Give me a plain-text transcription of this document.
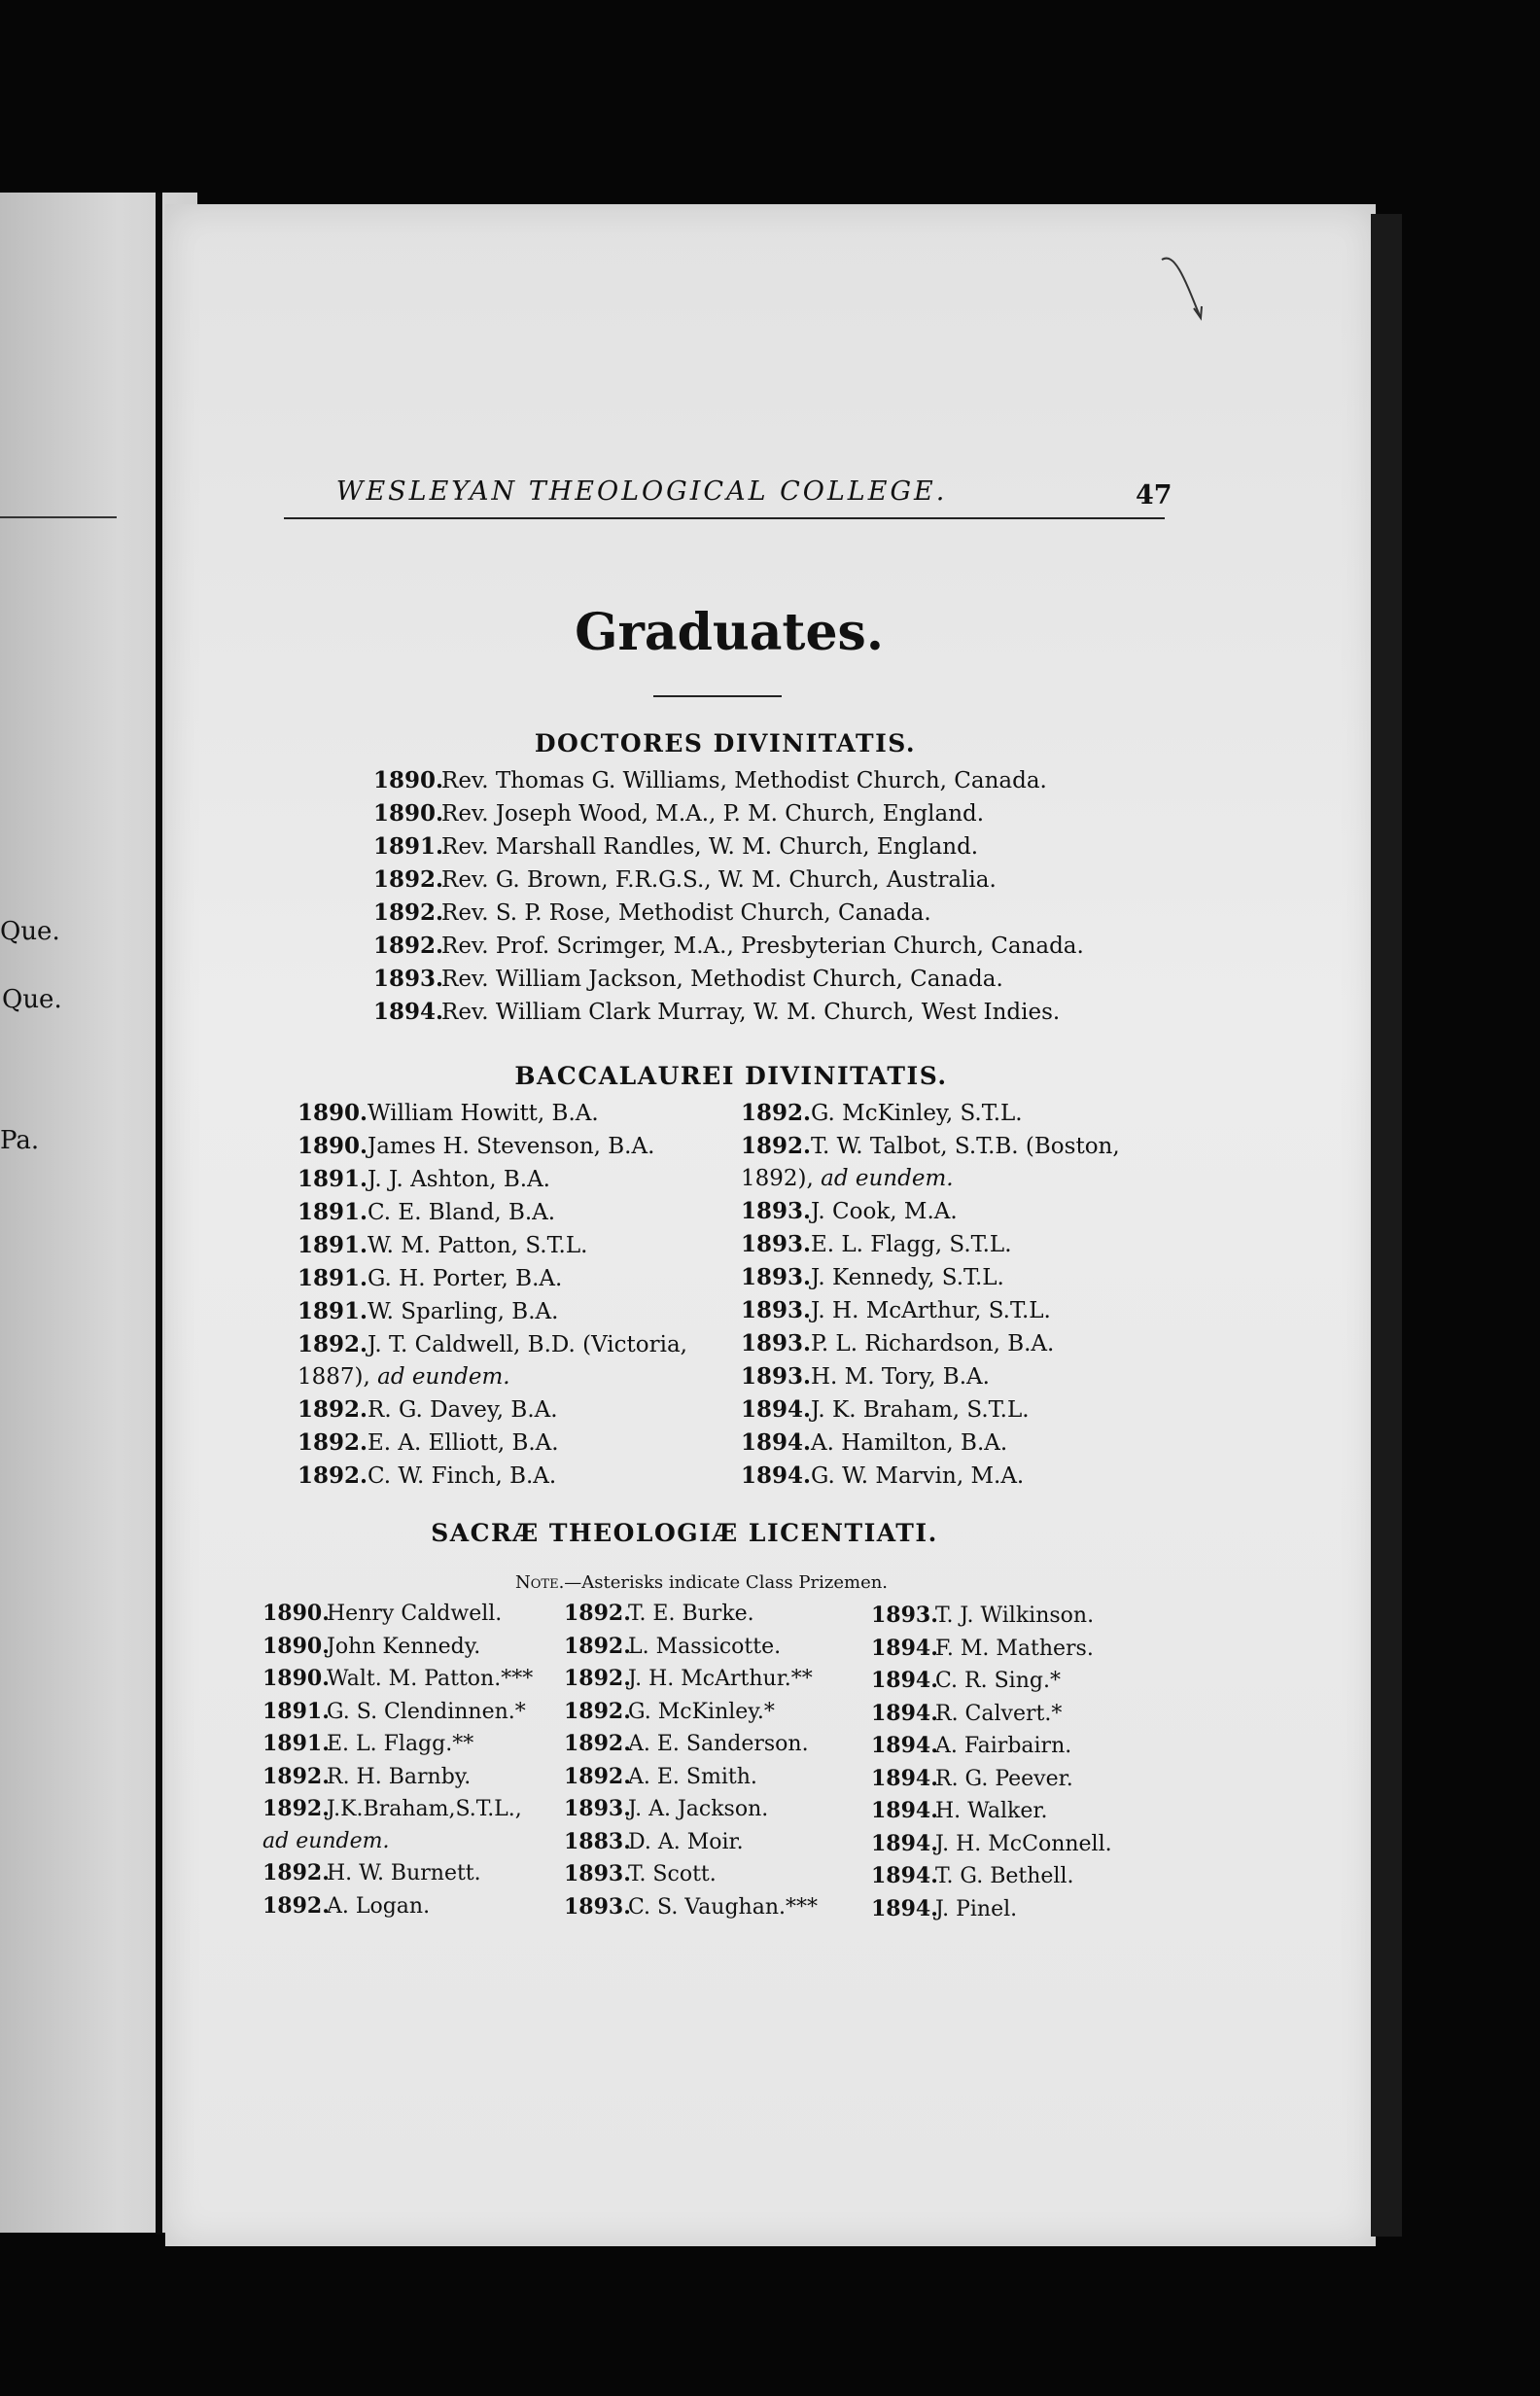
Que.
Que.
Pa.
WESLEYAN THEOLOGICAL COLLEGE.	47
Graduates.
DOCTORES DIVINITATIS.
1890.Rev. Thomas G. Williams, Methodist Church, Canada.
1890.Rev. Joseph Wood, M.A., P. M. Church, England.
1891.Rev. Marshall Randles, W. M. Church, England.
1892.Rev. G. Brown, F.R.G.S., W. M. Church, Australia.
1892.Rev. S. P. Rose, Methodist Church, Canada.
1892.Rev. Prof. Scrimger, M.A., Presbyterian Church, Canada.
1893.Rev. William Jackson, Methodist Church, Canada.
1894.Rev. William Clark Murray, W. M. Church, West Indies.
BACCALAUREI DIVINITATIS.
1890.William Howitt, B.A.
1890.James H. Stevenson, B.A.
1891.J. J. Ashton, B.A.
1891.C. E. Bland, B.A.
1891.W. M. Patton, S.T.L.
1891.G. H. Porter, B.A.
1891.W. Sparling, B.A.
1892.J. T. Caldwell, B.D. (Victoria,
1887), ad eundem.
1892.R. G. Davey, B.A.
1892.E. A. Elliott, B.A.
1892.C. W. Finch, B.A.
1892.G. McKinley, S.T.L.
1892.T. W. Talbot, S.T.B. (Boston,
1892), ad eundem.
1893.J. Cook, M.A.
1893.E. L. Flagg, S.T.L.
1893.J. Kennedy, S.T.L.
1893.J. H. McArthur, S.T.L.
1893.P. L. Richardson, B.A.
1893.H. M. Tory, B.A.
1894.J. K. Braham, S.T.L.
1894.A. Hamilton, B.A.
1894.G. W. Marvin, M.A.
SACRÆ THEOLOGIÆ LICENTIATI.
Note.—Asterisks indicate Class Prizemen.
1890.Henry Caldwell.
1890.John Kennedy.
1890.Walt. M. Patton.***
1891.G. S. Clendinnen.*
1891.E. L. Flagg.**
1892.R. H. Barnby.
1892.J.K.Braham,S.T.L.,
ad eundem.
1892.H. W. Burnett.
1892.A. Logan.
1892.T. E. Burke.
1892.L. Massicotte.
1892.J. H. McArthur.**
1892.G. McKinley.*
1892.A. E. Sanderson.
1892.A. E. Smith.
1893.J. A. Jackson.
1883.D. A. Moir.
1893.T. Scott.
1893.C. S. Vaughan.***
1893.T. J. Wilkinson.
1894.F. M. Mathers.
1894.C. R. Sing.*
1894.R. Calvert.*
1894.A. Fairbairn.
1894.R. G. Peever.
1894.H. Walker.
1894.J. H. McConnell.
1894.T. G. Bethell.
1894.J. Pinel.
